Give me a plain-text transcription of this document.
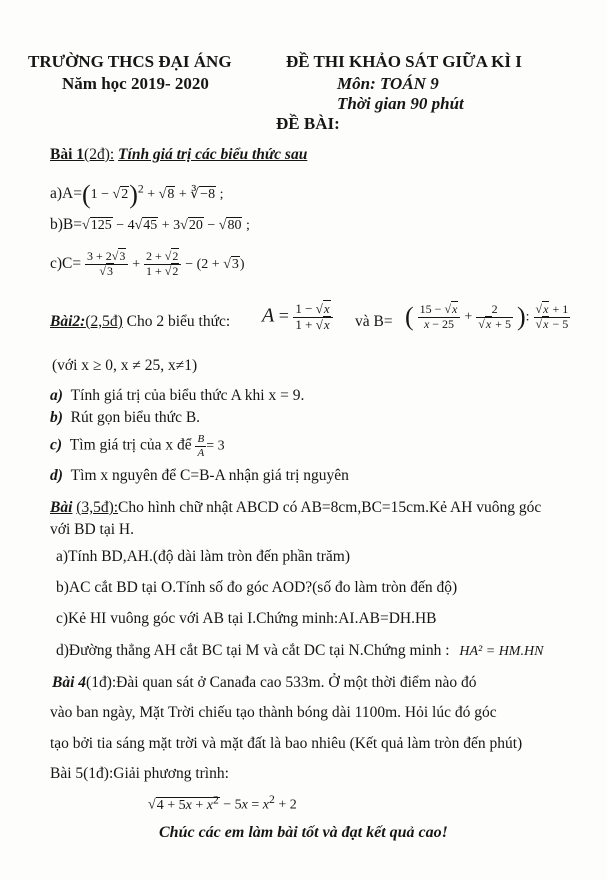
TRƯỜNG THCS ĐẠI ÁNG
Năm học 2019- 2020
ĐỀ THI KHẢO SÁT GIỮA KÌ I
Môn: TOÁN 9
Thời gian 90 phút
ĐỀ BÀI:
Bài 1(2đ): Tính giá trị các biểu thức sau
$a)A=(1 - √2)^2 + √8$ + ∛−8 ;
b)B=√125 − 4√45 + 3√20 − √80 ;
$c)C= \frac{3 + 2√3}{√3} + \frac{2 + √2}{1 + √2} - (2 + √3)$
Bài2:(2,5đ) Cho 2 biểu thức: $A = \frac{1 - √x}{1 + √x}$ và B= ( $\frac{15 - √x}{x - 25} + \frac{2}{√x + 5}$ ): $\frac{√x + 1}{√x - 5}$
(với x ≥ 0, x ≠ 25, x≠1)
a) Tính giá trị của biểu thức A khi x = 9.
b) Rút gọn biểu thức B.
c) Tìm giá trị của x để $\frac{B}{A} = 3$
d) Tìm x nguyên để C=B-A nhận giá trị nguyên
Bài (3,5đ):Cho hình chữ nhật ABCD có AB=8cm,BC=15cm.Kẻ AH vuông góc
với BD tại H.
a)Tính BD,AH.(độ dài làm tròn đến phần trăm)
b)AC cắt BD tại O.Tính số đo góc AOD?(số đo làm tròn đến độ)
c)Kẻ HI vuông góc với AB tại I.Chứng minh:AI.AB=DH.HB
d)Đường thẳng AH cắt BC tại M và cắt DC tại N.Chứng minh : HA² = HM.HN
Bài 4(1đ):Đài quan sát ở Canađa cao 533m. Ở một thời điểm nào đó
vào ban ngày, Mặt Trời chiếu tạo thành bóng dài 1100m. Hỏi lúc đó góc
tạo bởi tia sáng mặt trời và mặt đất là bao nhiêu (Kết quả làm tròn đến phút)
Bài 5(1đ):Giải phương trình:
$√4 + 5x + x^2 - 5x = x^2 + 2$
Chúc các em làm bài tốt và đạt kết quả cao!
